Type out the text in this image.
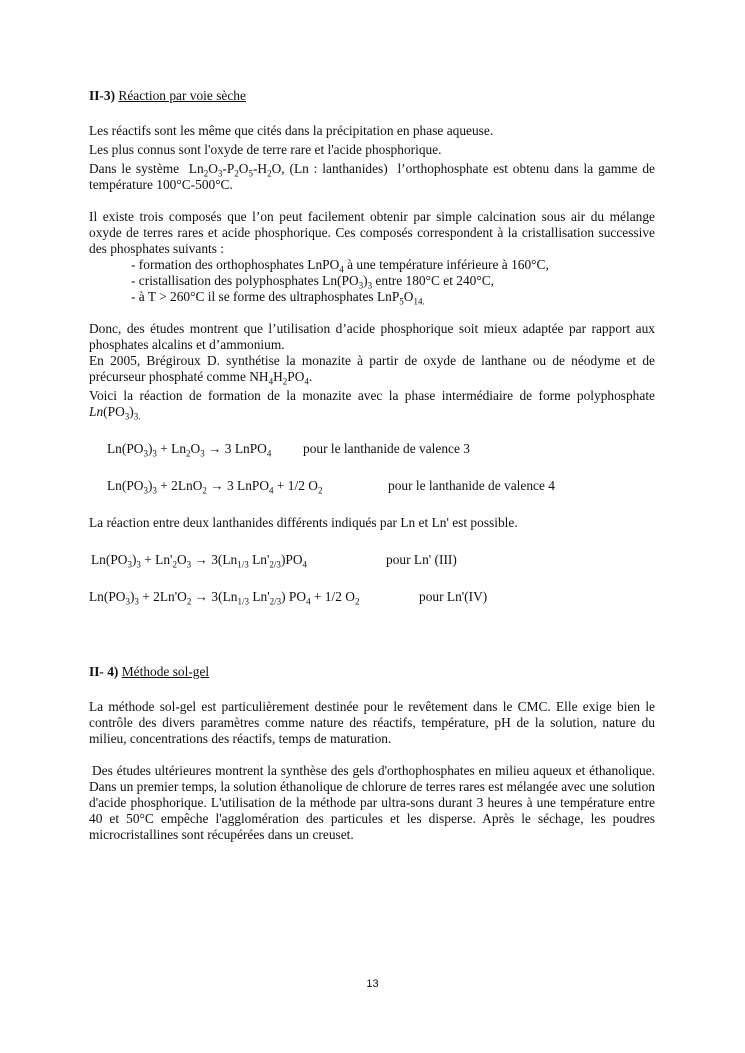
II-3) Réaction par voie sèche

Les réactifs sont les même que cités dans la précipitation en phase aqueuse.

Les plus connus sont l'oxyde de terre rare et l'acide phosphorique.

Dans le système  $Ln_2O_3-P_2O_5-H_2O$, (Ln : lanthanides)  l’orthophosphate est obtenu dans la gamme de température 100°C-500°C.

Il existe trois composés que l’on peut facilement obtenir par simple calcination sous air du mélange oxyde de terres rares et acide phosphorique. Ces composés correspondent à la cristallisation successive des phosphates suivants :

- formation des orthophosphates LnPO$_4$ à une température inférieure à 160°C,

- cristallisation des polyphosphates $Ln(PO_3)_3$ entre 180°C et 240°C,

- à T > 260°C il se forme des ultraphosphates $LnP_5O_{14.}$

Donc, des études montrent que l’utilisation d’acide phosphorique soit mieux adaptée par rapport aux phosphates alcalins et d’ammonium.

En 2005, Brégiroux D. synthétise la monazite à partir de oxyde de lanthane ou de néodyme et de précurseur phosphaté comme $NH_4H_2PO_4$.

Voici la réaction de formation de la monazite avec la phase intermédiaire de forme polyphosphate $Ln(PO_3)_{3.}$

$Ln(PO_3)_3 + Ln_2O_3 \to 3$ LnPO$_4$ pour le lanthanide de valence 3
$Ln(PO_3)_3 + 2LnO_2 \to 3$ LnPO$_4$ + 1/2 $O_2$	pour le lanthanide de valence 4

La réaction entre deux lanthanides différents indiqués par Ln et Ln' est possible.

$Ln(PO_3)_3 + Ln'_2O_3 \to 3(Ln_{1/3}$ $Ln'_{2/3})PO_4$	pour Ln' (III)
$Ln(PO_3)_3 + 2Ln'O_2 \to 3(Ln_{1/3}$ $Ln'_{2/3}$) $PO_4 + 1/2$ $O_2$	pour Ln'(IV)

II- 4) Méthode sol-gel

La méthode sol-gel est particulièrement destinée pour le revêtement dans le CMC. Elle exige bien le contrôle des divers paramètres comme nature des réactifs, température, pH de la solution, nature du milieu, concentrations des réactifs, temps de maturation.

Des études ultérieures montrent la synthèse des gels d'orthophosphates en milieu aqueux et éthanolique. Dans un premier temps, la solution éthanolique de chlorure de terres rares est mélangée avec une solution d'acide phosphorique. L'utilisation de la méthode par ultra-sons durant 3 heures à une température entre 40 et 50°C empêche l'agglomération des particules et les disperse. Après le séchage, les poudres microcristallines sont récupérées dans un creuset.

13
